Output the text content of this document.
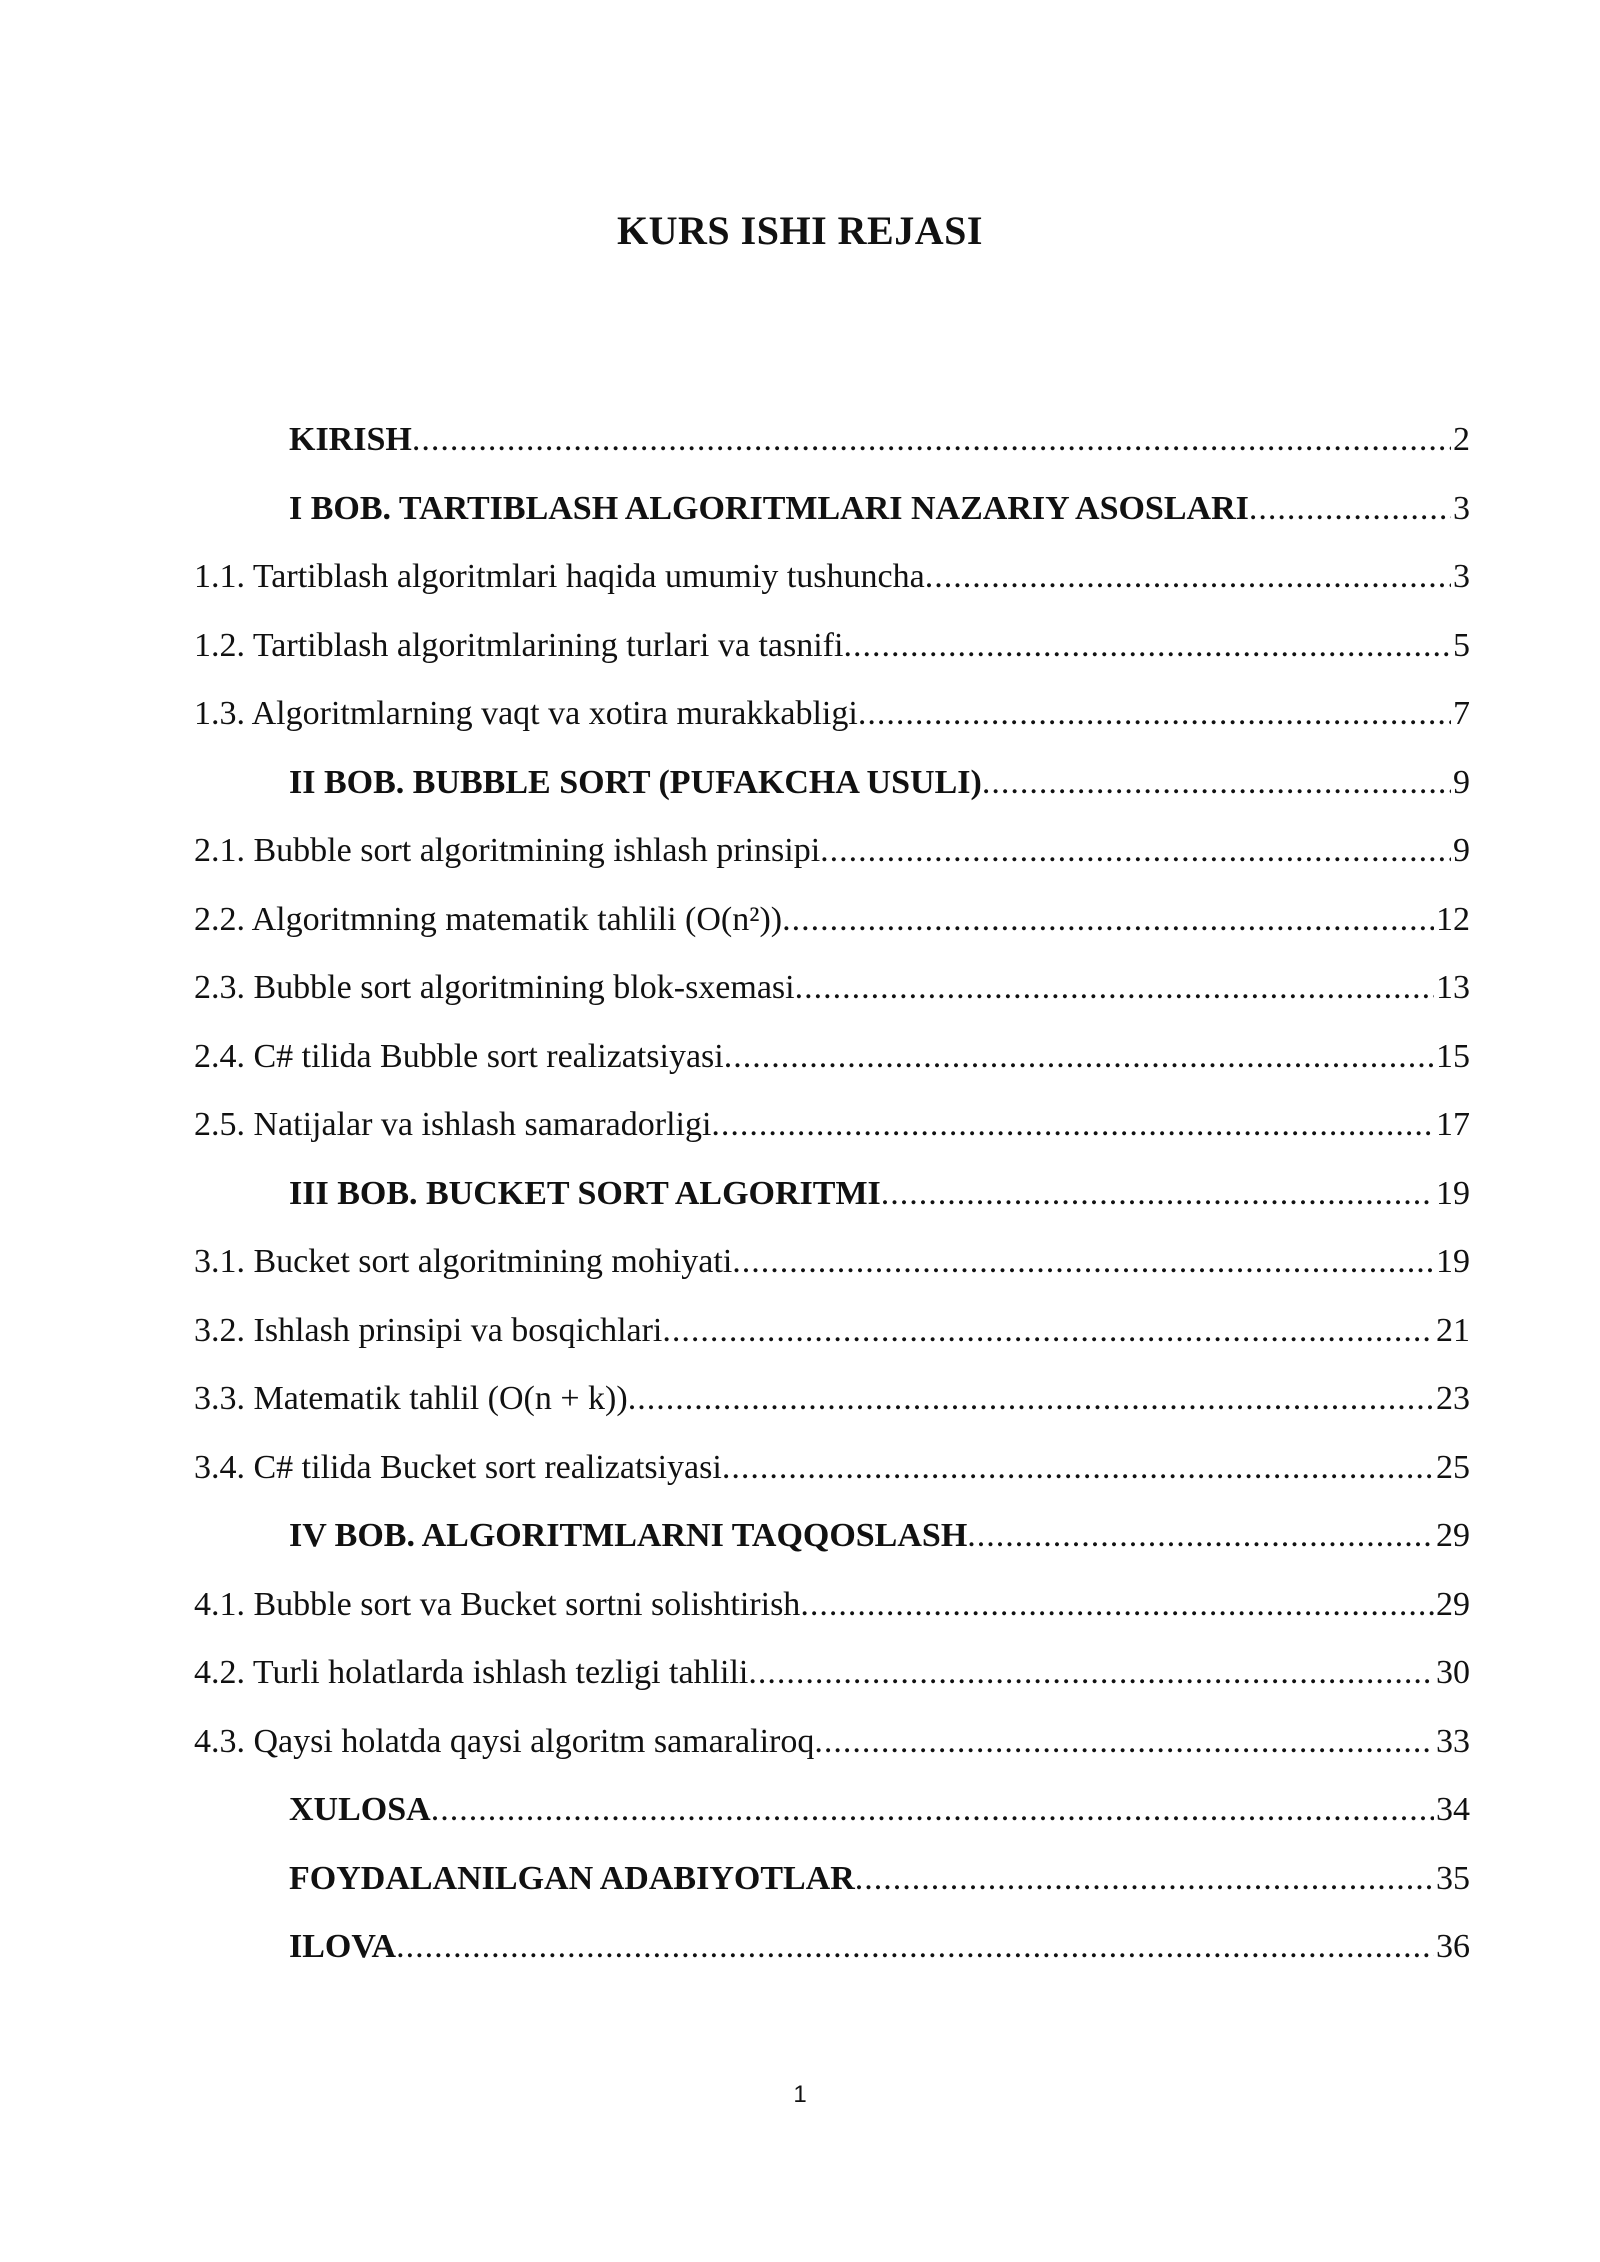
KURS ISHI REJASI
KIRISH .....	2
I BOB. TARTIBLASH ALGORITMLARI NAZARIY ASOSLARI .....	3
1.1. Tartiblash algoritmlari haqida umumiy tushuncha .....	3
1.2. Tartiblash algoritmlarining turlari va tasnifi .....	5
1.3. Algoritmlarning vaqt va xotira murakkabligi .....	7
II BOB. BUBBLE SORT (PUFAKCHA USULI) .....	9
2.1. Bubble sort algoritmining ishlash prinsipi .....	9
2.2. Algoritmning matematik tahlili (O(n²)) .....	12
2.3. Bubble sort algoritmining blok-sxemasi .....	13
2.4. C# tilida Bubble sort realizatsiyasi .....	15
2.5. Natijalar va ishlash samaradorligi .....	17
III BOB. BUCKET SORT ALGORITMI .....	19
3.1. Bucket sort algoritmining mohiyati .....	19
3.2. Ishlash prinsipi va bosqichlari .....	21
3.3. Matematik tahlil (O(n + k)) .....	23
3.4. C# tilida Bucket sort realizatsiyasi .....	25
IV BOB. ALGORITMLARNI TAQQOSLASH .....	29
4.1. Bubble sort va Bucket sortni solishtirish .....	29
4.2. Turli holatlarda ishlash tezligi tahlili .....	30
4.3. Qaysi holatda qaysi algoritm samaraliroq .....	33
XULOSA .....	34
FOYDALANILGAN ADABIYOTLAR .....	35
ILOVA .....	36
1
